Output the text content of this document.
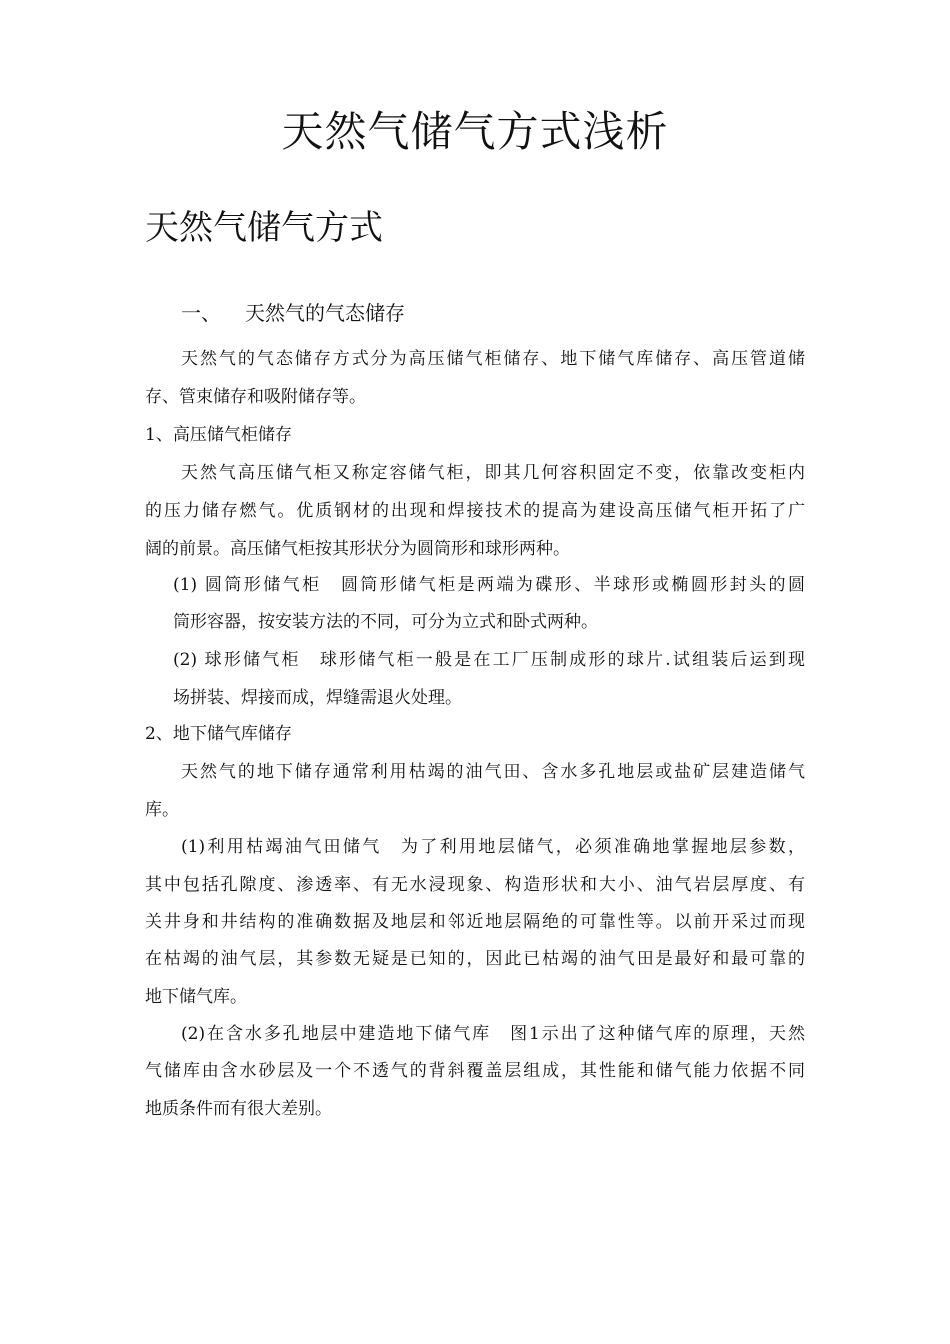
天然气储气方式浅析
天然气储气方式
一、 天然气的气态储存
天然气的气态储存方式分为高压储气柜储存、地下储气库储存、高压管道储
存、管束储存和吸附储存等。
1、高压储气柜储存
天然气高压储气柜又称定容储气柜，即其几何容积固定不变，依靠改变柜内
的压力储存燃气。优质钢材的出现和焊接技术的提高为建设高压储气柜开拓了广
阔的前景。高压储气柜按其形状分为圆筒形和球形两种。
(1) 圆筒形储气柜　圆筒形储气柜是两端为碟形、半球形或椭圆形封头的圆
筒形容器，按安装方法的不同，可分为立式和卧式两种。
(2) 球形储气柜　球形储气柜一般是在工厂压制成形的球片.试组装后运到现
场拼装、焊接而成，焊缝需退火处理。
2、地下储气库储存
天然气的地下储存通常利用枯竭的油气田、含水多孔地层或盐矿层建造储气
库。
(1)利用枯竭油气田储气　为了利用地层储气，必须准确地掌握地层参数，
其中包括孔隙度、渗透率、有无水浸现象、构造形状和大小、油气岩层厚度、有
关井身和井结构的准确数据及地层和邻近地层隔绝的可靠性等。以前开采过而现
在枯竭的油气层，其参数无疑是已知的，因此已枯竭的油气田是最好和最可靠的
地下储气库。
(2)在含水多孔地层中建造地下储气库　图1示出了这种储气库的原理，天然
气储库由含水砂层及一个不透气的背斜覆盖层组成，其性能和储气能力依据不同
地质条件而有很大差别。
